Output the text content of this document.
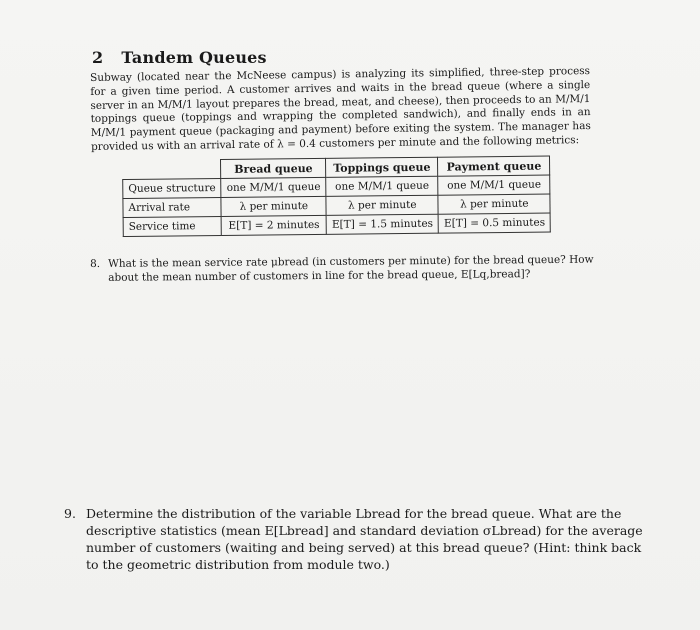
2 Tandem Queues

Subway (located near the McNeese campus) is analyzing its simplified, three-step process for a given time period. A customer arrives and waits in the bread queue (where a single server in an M/M/1 layout prepares the bread, meat, and cheese), then proceeds to an M/M/1 toppings queue (toppings and wrapping the completed sandwich), and finally ends in an M/M/1 payment queue (packaging and payment) before exiting the system. The manager has provided us with an arrival rate of λ = 0.4 customers per minute and the following metrics:

	Bread queue	Toppings queue	Payment queue
Queue structure	one M/M/1 queue	one M/M/1 queue	one M/M/1 queue
Arrival rate	λ per minute	λ per minute	λ per minute
Service time	E[T] = 2 minutes	E[T] = 1.5 minutes	E[T] = 0.5 minutes
8. What is the mean service rate μbread (in customers per minute) for the bread queue? How about the mean number of customers in line for the bread queue, E[Lq,bread]?
9. Determine the distribution of the variable Lbread for the bread queue. What are the descriptive statistics (mean E[Lbread] and standard deviation σLbread) for the average number of customers (waiting and being served) at this bread queue? (Hint: think back to the geometric distribution from module two.)
